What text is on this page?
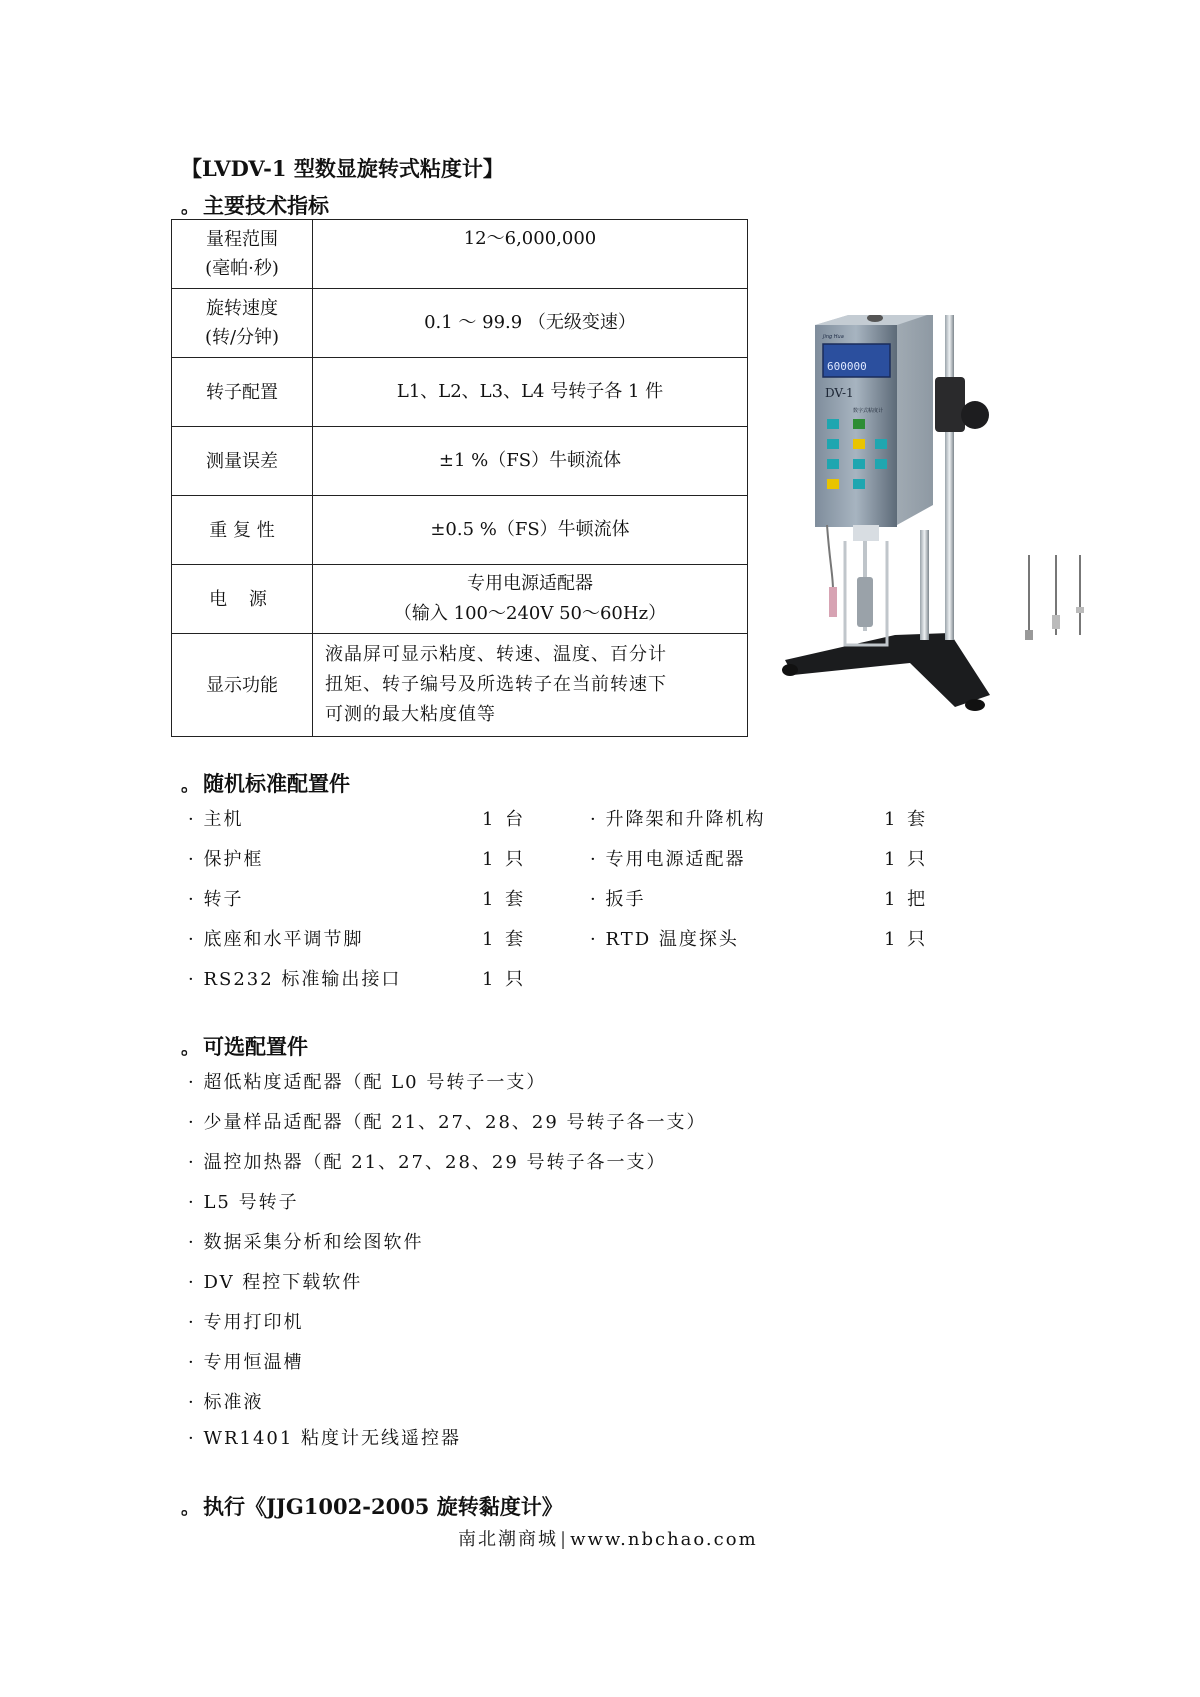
【LVDV-1 型数显旋转式粘度计】
。 主要技术指标
量程范围
(毫帕·秒)	12～6,000,000

旋转速度
(转/分钟)	0.1 ～ 99.9 （无级变速）

转子配置	L1、L2、L3、L4 号转子各 1 件

测量误差	±1 %（FS）牛顿流体

重 复 性	±0.5 %（FS）牛顿流体

电 源	专用电源适配器
（输入 100～240V 50～60Hz）

显示功能	液晶屏可显示粘度、转速、温度、百分计
扭矩、转子编号及所选转子在当前转速下
可测的最大粘度值等
Jing Hua
600000
DV-1
数字式粘度计
。 随机标准配置件
· 主机	1 台
· 保护框	1 只
· 转子	1 套
· 底座和水平调节脚	1 套
· RS232 标准输出接口	1 只
· 升降架和升降机构	1 套
· 专用电源适配器	1 只
· 扳手	1 把
· RTD 温度探头	1 只
。 可选配置件
· 超低粘度适配器（配 L0 号转子一支）
· 少量样品适配器（配 21、27、28、29 号转子各一支）
· 温控加热器（配 21、27、28、29 号转子各一支）
· L5 号转子
· 数据采集分析和绘图软件
· DV 程控下载软件
· 专用打印机
· 专用恒温槽
· 标准液
· WR1401 粘度计无线遥控器
。 执行《JJG1002-2005 旋转黏度计》
南北潮商城 | www.nbchao.com
